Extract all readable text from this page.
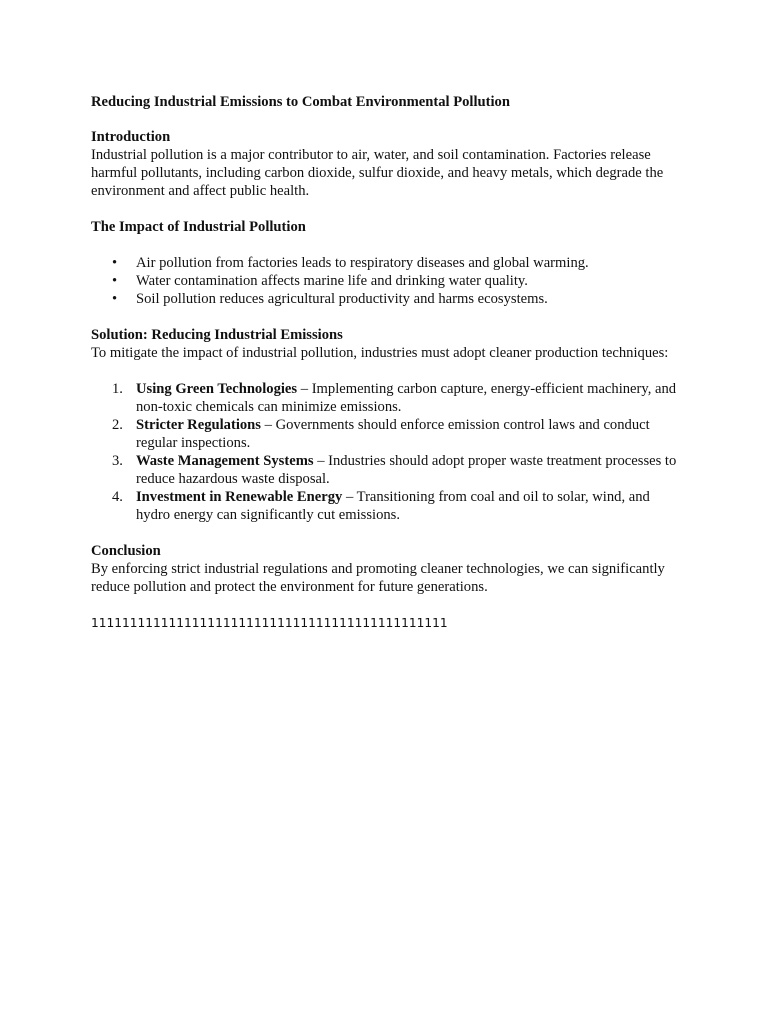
Reducing Industrial Emissions to Combat Environmental Pollution

Introduction

Industrial pollution is a major contributor to air, water, and soil contamination. Factories release harmful pollutants, including carbon dioxide, sulfur dioxide, and heavy metals, which degrade the environment and affect public health.

The Impact of Industrial Pollution

• Air pollution from factories leads to respiratory diseases and global warming.
• Water contamination affects marine life and drinking water quality.
• Soil pollution reduces agricultural productivity and harms ecosystems.

Solution: Reducing Industrial Emissions

To mitigate the impact of industrial pollution, industries must adopt cleaner production techniques:

1. Using Green Technologies – Implementing carbon capture, energy-efficient machinery, and non-toxic chemicals can minimize emissions.
2. Stricter Regulations – Governments should enforce emission control laws and conduct regular inspections.
3. Waste Management Systems – Industries should adopt proper waste treatment processes to reduce hazardous waste disposal.
4. Investment in Renewable Energy – Transitioning from coal and oil to solar, wind, and hydro energy can significantly cut emissions.

Conclusion

By enforcing strict industrial regulations and promoting cleaner technologies, we can significantly reduce pollution and protect the environment for future generations.

1111111111111111111111111111111111111111111111
